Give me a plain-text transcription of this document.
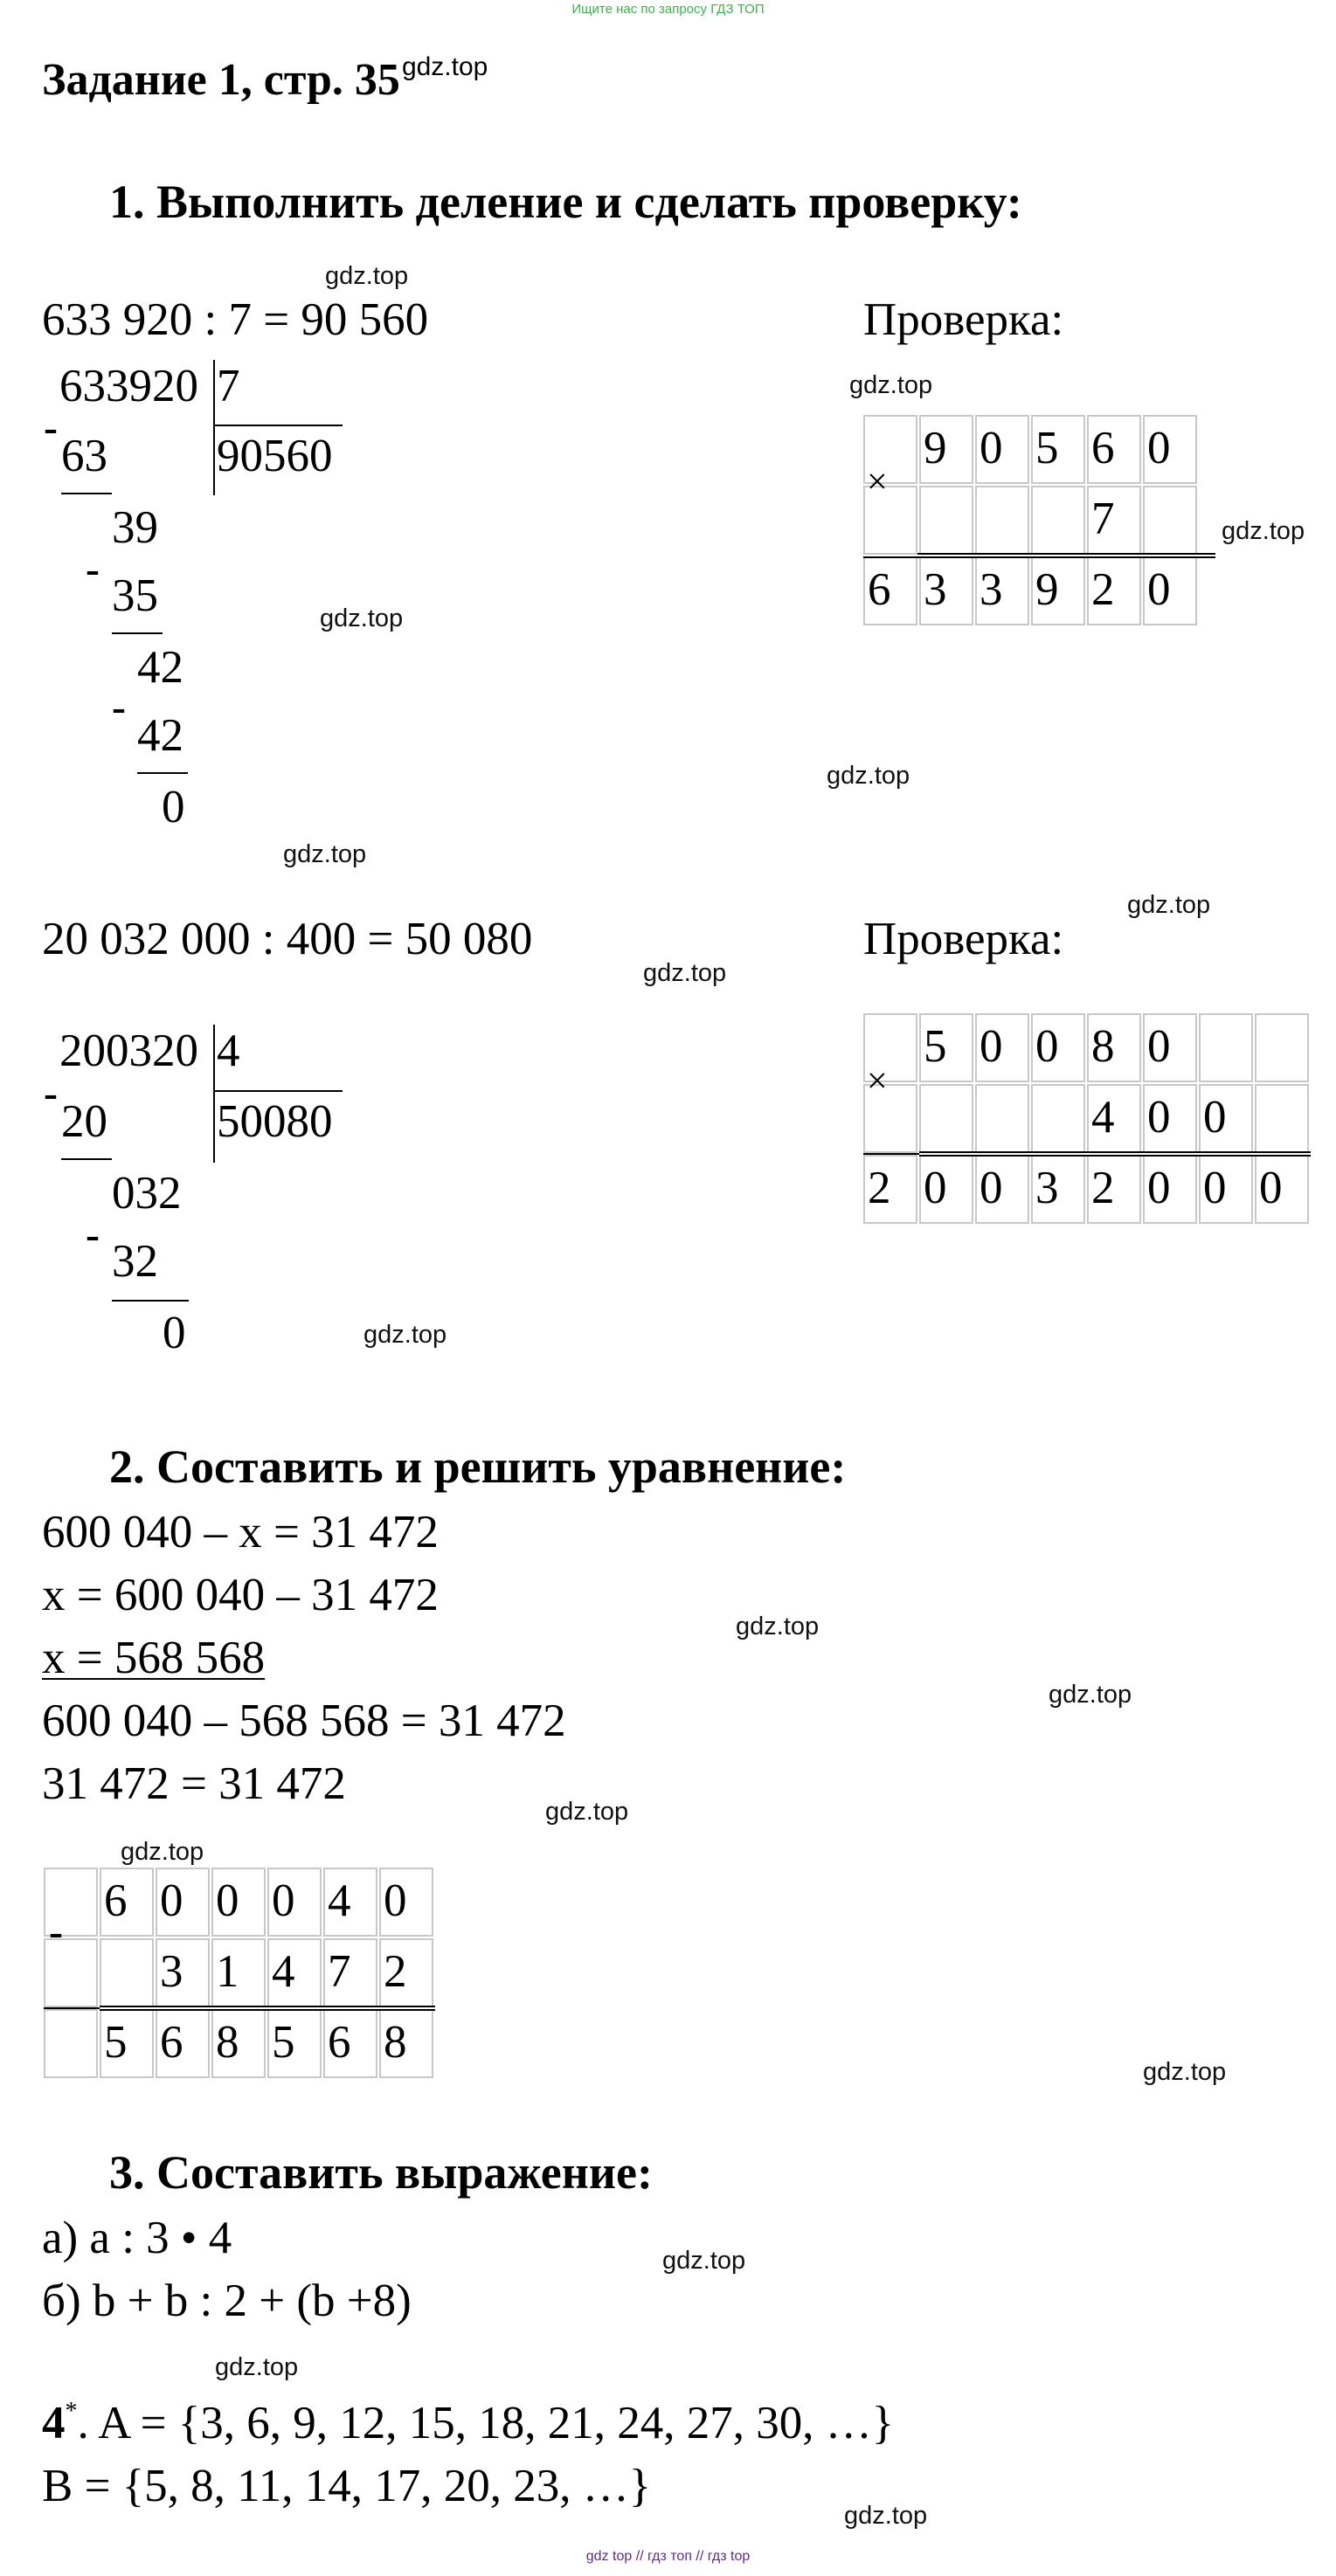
Ищите нас по запросу ГДЗ ТОП
Задание 1, стр. $35^{gdz.top}$
1. Выполнить деление и сделать проверку:
633 920 : 7 = 90 560
633920 7
90560
-
63
39
-
35
42
-
42
0
Проверка:
9 0 5 6 0
7
6 3 3 9 2 0
×
20 032 000 : 400 = 50 080
200320 4
50080
-
20
032
-
32
0
Проверка:
5 0 0 8 0
4 0 0
2 0 0 3 2 0 0 0
×
2. Составить и решить уравнение:
600 040 – x = 31 472
x = 600 040 – 31 472
x = 568 568
600 040 – 568 568 = 31 472
31 472 = 31 472
6 0 0 0 4 0
3 1 4 7 2
5 6 8 5 6 8
-
3. Составить выражение:
а) a : 3 • 4
б) b + b : 2 + (b +8)
4*. A = {3, 6, 9, 12, 15, 18, 21, 24, 27, 30, …}
B = {5, 8, 11, 14, 17, 20, 23, …}
gdz.top
gdz.top
gdz.top
gdz.top
gdz.top
gdz.top
gdz.top
gdz.top
gdz.top
gdz.top
gdz.top
gdz.top
gdz.top
gdz.top
gdz.top
gdz.top
gdz.top
gdz top // гдз топ // гдз top
